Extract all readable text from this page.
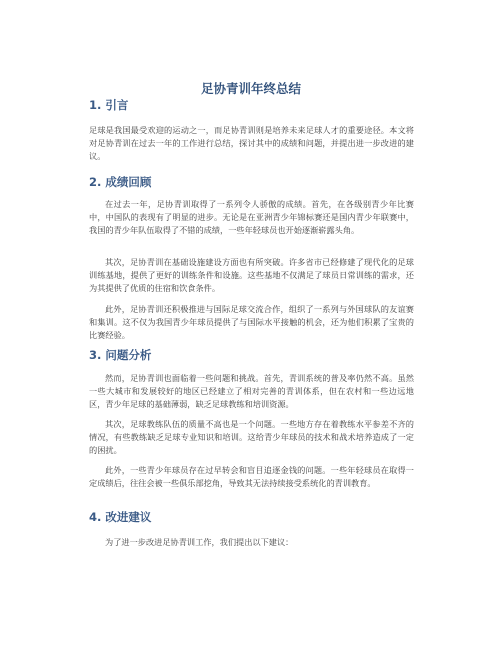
足协青训年终总结
1. 引言

足球是我国最受欢迎的运动之一，而足协青训则是培养未来足球人才的重要途径。本文将对足协青训在过去一年的工作进行总结，探讨其中的成绩和问题，并提出进一步改进的建议。

2. 成绩回顾

在过去一年，足协青训取得了一系列令人骄傲的成绩。首先，在各级别青少年比赛中，中国队的表现有了明显的进步。无论是在亚洲青少年锦标赛还是国内青少年联赛中，我国的青少年队伍取得了不错的成绩，一些年轻球员也开始逐渐崭露头角。

其次，足协青训在基础设施建设方面也有所突破。许多省市已经修建了现代化的足球训练基地，提供了更好的训练条件和设施。这些基地不仅满足了球员日常训练的需求，还为其提供了优质的住宿和饮食条件。

此外，足协青训还积极推进与国际足球交流合作，组织了一系列与外国球队的友谊赛和集训。这不仅为我国青少年球员提供了与国际水平接触的机会，还为他们积累了宝贵的比赛经验。

3. 问题分析

然而，足协青训也面临着一些问题和挑战。首先，青训系统的普及率仍然不高。虽然一些大城市和发展较好的地区已经建立了相对完善的青训体系，但在农村和一些边远地区，青少年足球的基础薄弱，缺乏足球教练和培训资源。

其次，足球教练队伍的质量不高也是一个问题。一些地方存在着教练水平参差不齐的情况，有些教练缺乏足球专业知识和培训。这给青少年球员的技术和战术培养造成了一定的困扰。

此外，一些青少年球员存在过早转会和盲目追逐金钱的问题。一些年轻球员在取得一定成绩后，往往会被一些俱乐部挖角，导致其无法持续接受系统化的青训教育。

4. 改进建议

为了进一步改进足协青训工作，我们提出以下建议：
